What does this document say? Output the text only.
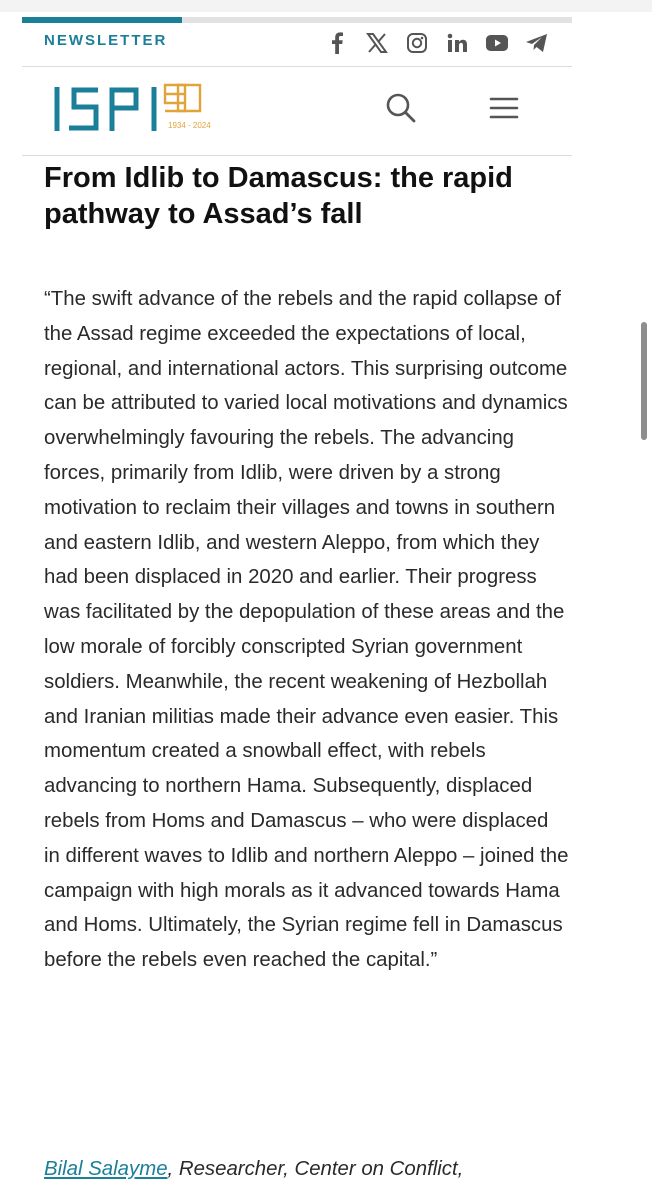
NEWSLETTER
1934 - 2024
From Idlib to Damascus: the rapid pathway to Assad’s fall

“The swift advance of the rebels and the rapid collapse of the Assad regime exceeded the expectations of local, regional, and international actors. This surprising outcome can be attributed to varied local motivations and dynamics overwhelmingly favouring the rebels. The advancing forces, primarily from Idlib, were driven by a strong motivation to reclaim their villages and towns in southern and eastern Idlib, and western Aleppo, from which they had been displaced in 2020 and earlier. Their progress was facilitated by the depopulation of these areas and the low morale of forcibly conscripted Syrian government soldiers. Meanwhile, the recent weakening of Hezbollah and Iranian militias made their advance even easier. This momentum created a snowball effect, with rebels advancing to northern Hama. Subsequently, displaced rebels from Homs and Damascus – who were displaced in different waves to Idlib and northern Aleppo – joined the campaign with high morals as it advanced towards Hama and Homs. Ultimately, the Syrian regime fell in Damascus before the rebels even reached the capital.”

Bilal Salayme, Researcher, Center on Conflict,
